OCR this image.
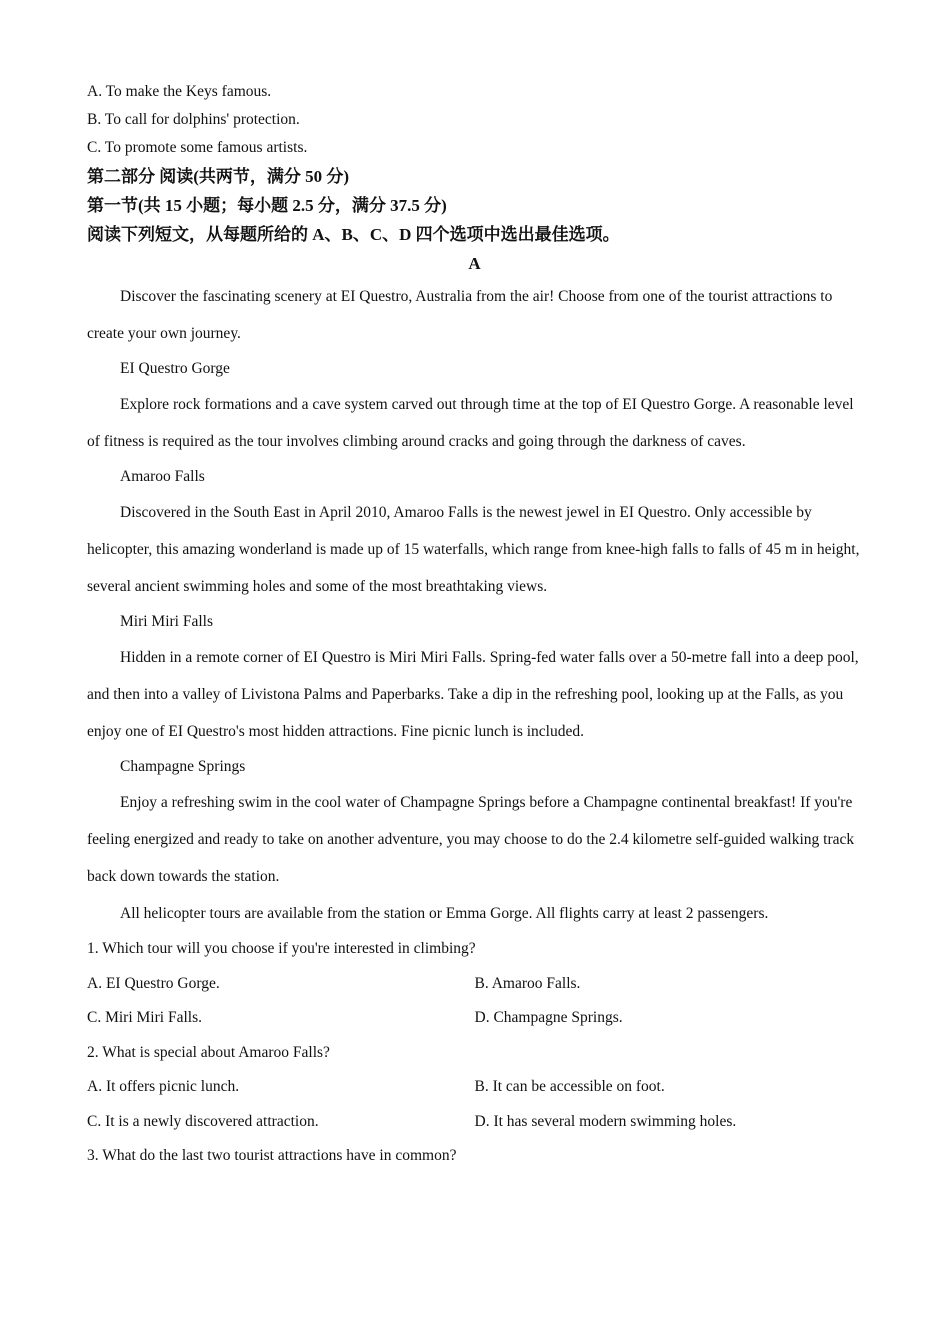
A. To make the Keys famous.
B. To call for dolphins' protection.
C. To promote some famous artists.
第二部分 阅读(共两节，满分 50 分)
第一节(共 15 小题；每小题 2.5 分，满分 37.5 分)
阅读下列短文，从每题所给的 A、B、C、D 四个选项中选出最佳选项。
A

Discover the fascinating scenery at EI Questro, Australia from the air! Choose from one of the tourist attractions to create your own journey.

EI Questro Gorge

Explore rock formations and a cave system carved out through time at the top of EI Questro Gorge. A reasonable level of fitness is required as the tour involves climbing around cracks and going through the darkness of caves.

Amaroo Falls

Discovered in the South East in April 2010, Amaroo Falls is the newest jewel in EI Questro. Only accessible by helicopter, this amazing wonderland is made up of 15 waterfalls, which range from knee-high falls to falls of 45 m in height, several ancient swimming holes and some of the most breathtaking views.

Miri Miri Falls

Hidden in a remote corner of EI Questro is Miri Miri Falls. Spring-fed water falls over a 50-metre fall into a deep pool, and then into a valley of Livistona Palms and Paperbarks. Take a dip in the refreshing pool, looking up at the Falls, as you enjoy one of EI Questro's most hidden attractions. Fine picnic lunch is included.

Champagne Springs

Enjoy a refreshing swim in the cool water of Champagne Springs before a Champagne continental breakfast! If you're feeling energized and ready to take on another adventure, you may choose to do the 2.4 kilometre self-guided walking track back down towards the station.

All helicopter tours are available from the station or Emma Gorge. All flights carry at least 2 passengers.

1. Which tour will you choose if you're interested in climbing?
A. EI Questro Gorge.	B. Amaroo Falls.
C. Miri Miri Falls.	D. Champagne Springs.
2. What is special about Amaroo Falls?
A. It offers picnic lunch.	B. It can be accessible on foot.
C. It is a newly discovered attraction.	D. It has several modern swimming holes.
3. What do the last two tourist attractions have in common?
